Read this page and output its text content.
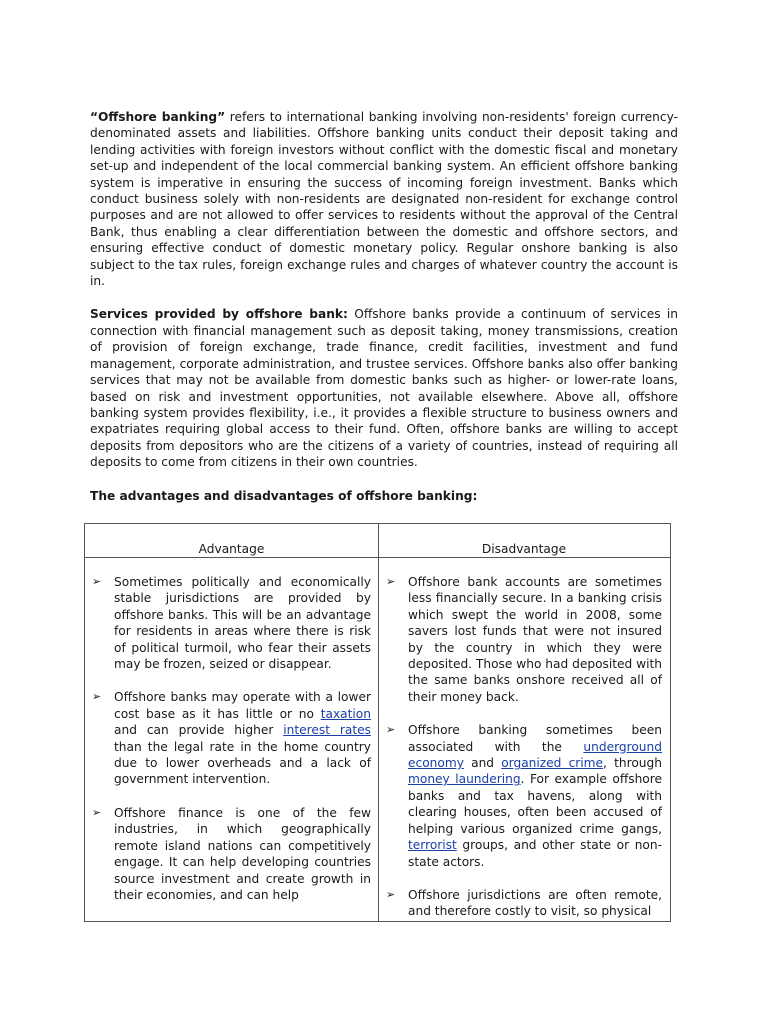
“Offshore banking” refers to international banking involving non-residents' foreign currency-denominated assets and liabilities. Offshore banking units conduct their deposit taking and lending activities with foreign investors without conflict with the domestic fiscal and monetary set-up and independent of the local commercial banking system. An efficient offshore banking system is imperative in ensuring the success of incoming foreign investment. Banks which conduct business solely with non-residents are designated non-resident for exchange control purposes and are not allowed to offer services to residents without the approval of the Central Bank, thus enabling a clear differentiation between the domestic and offshore sectors, and ensuring effective conduct of domestic monetary policy. Regular onshore banking is also subject to the tax rules, foreign exchange rules and charges of whatever country the account is in.

Services provided by offshore bank: Offshore banks provide a continuum of services in connection with financial management such as deposit taking, money transmissions, creation of provision of foreign exchange, trade finance, credit facilities, investment and fund management, corporate administration, and trustee services. Offshore banks also offer banking services that may not be available from domestic banks such as higher- or lower-rate loans, based on risk and investment opportunities, not available elsewhere. Above all, offshore banking system provides flexibility, i.e., it provides a flexible structure to business owners and expatriates requiring global access to their fund. Often, offshore banks are willing to accept deposits from depositors who are the citizens of a variety of countries, instead of requiring all deposits to come from citizens in their own countries.

The advantages and disadvantages of offshore banking:

Advantage
➢ Sometimes politically and economically stable jurisdictions are provided by offshore banks. This will be an advantage for residents in areas where there is risk of political turmoil, who fear their assets may be frozen, seized or disappear.
➢ Offshore banks may operate with a lower cost base as it has little or no taxation and can provide higher interest rates than the legal rate in the home country due to lower overheads and a lack of government intervention.
➢ Offshore finance is one of the few industries, in which geographically remote island nations can competitively engage. It can help developing countries source investment and create growth in their economies, and can help
Disadvantage
➢ Offshore bank accounts are sometimes less financially secure. In a banking crisis which swept the world in 2008, some savers lost funds that were not insured by the country in which they were deposited. Those who had deposited with the same banks onshore received all of their money back.
➢ Offshore banking sometimes been associated with the underground economy and organized crime, through money laundering. For example offshore banks and tax havens, along with clearing houses, often been accused of helping various organized crime gangs, terrorist groups, and other state or non-state actors.
➢ Offshore jurisdictions are often remote, and therefore costly to visit, so physical
